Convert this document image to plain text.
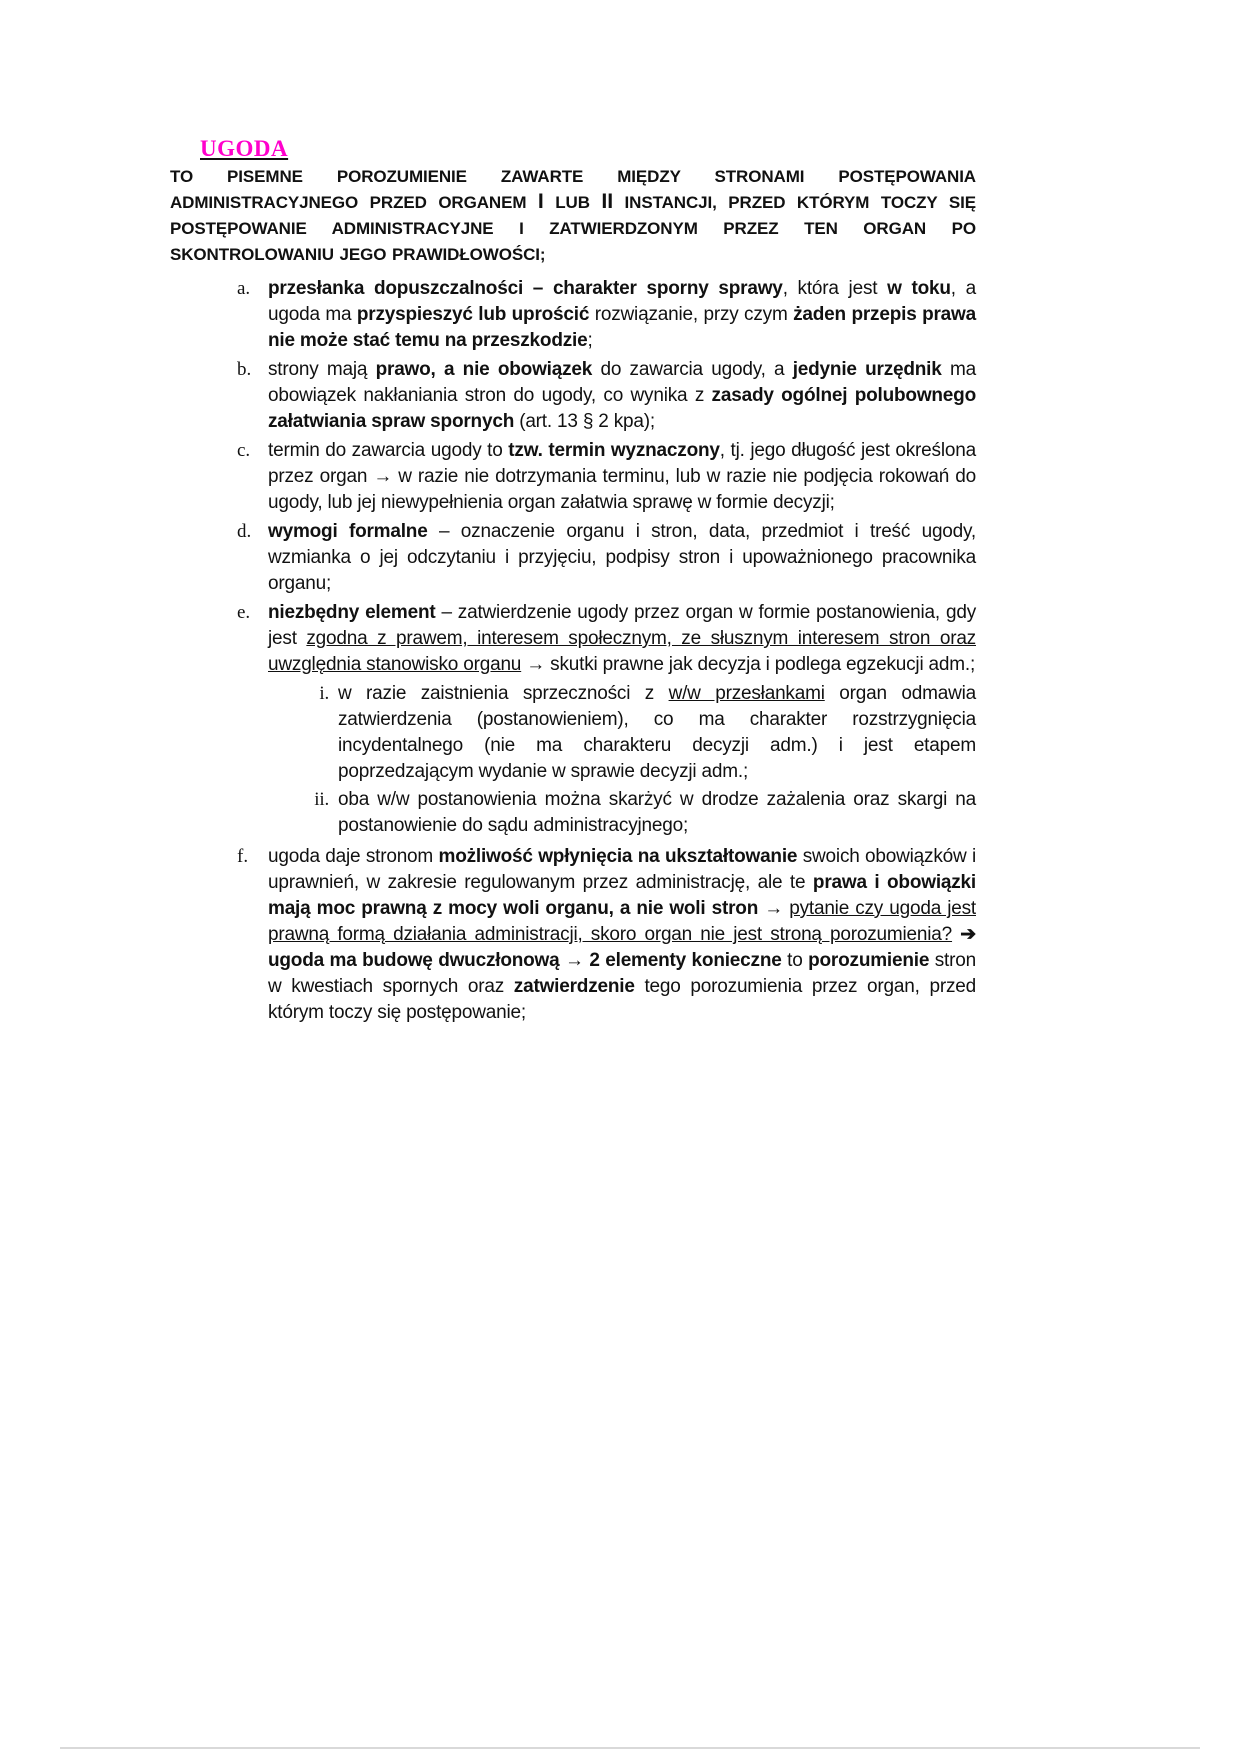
UGODA

TO PISEMNE POROZUMIENIE ZAWARTE MIĘDZY STRONAMI POSTĘPOWANIA ADMINISTRACYJNEGO PRZED ORGANEM I LUB II INSTANCJI, PRZED KTÓRYM TOCZY SIĘ POSTĘPOWANIE ADMINISTRACYJNE I ZATWIERDZONYM PRZEZ TEN ORGAN PO SKONTROLOWANIU JEGO PRAWIDŁOWOŚCI;

a. przesłanka dopuszczalności – charakter sporny sprawy, która jest w toku, a ugoda ma przyspieszyć lub uprościć rozwiązanie, przy czym żaden przepis prawa nie może stać temu na przeszkodzie;
b. strony mają prawo, a nie obowiązek do zawarcia ugody, a jedynie urzędnik ma obowiązek nakłaniania stron do ugody, co wynika z zasady ogólnej polubownego załatwiania spraw spornych (art. 13 § 2 kpa);
c. termin do zawarcia ugody to tzw. termin wyznaczony, tj. jego długość jest określona przez organ → w razie nie dotrzymania terminu, lub w razie nie podjęcia rokowań do ugody, lub jej niewypełnienia organ załatwia sprawę w formie decyzji;
d. wymogi formalne – oznaczenie organu i stron, data, przedmiot i treść ugody, wzmianka o jej odczytaniu i przyjęciu, podpisy stron i upoważnionego pracownika organu;
e. niezbędny element – zatwierdzenie ugody przez organ w formie postanowienia, gdy jest zgodna z prawem, interesem społecznym, ze słusznym interesem stron oraz uwzględnia stanowisko organu → skutki prawne jak decyzja i podlega egzekucji adm.;
i. w razie zaistnienia sprzeczności z w/w przesłankami organ odmawia zatwierdzenia (postanowieniem), co ma charakter rozstrzygnięcia incydentalnego (nie ma charakteru decyzji adm.) i jest etapem poprzedzającym wydanie w sprawie decyzji adm.;
ii. oba w/w postanowienia można skarżyć w drodze zażalenia oraz skargi na postanowienie do sądu administracyjnego;
f.	ugoda daje stronom możliwość wpłynięcia na ukształtowanie swoich obowiązków i uprawnień, w zakresie regulowanym przez administrację, ale te prawa i obowiązki mają moc prawną z mocy woli organu, a nie woli stron → pytanie czy ugoda jest prawną formą działania administracji, skoro organ nie jest stroną porozumienia? ➔ ugoda ma budowę dwuczłonową → 2 elementy konieczne to porozumienie stron w kwestiach spornych oraz zatwierdzenie tego porozumienia przez organ, przed którym toczy się postępowanie;
